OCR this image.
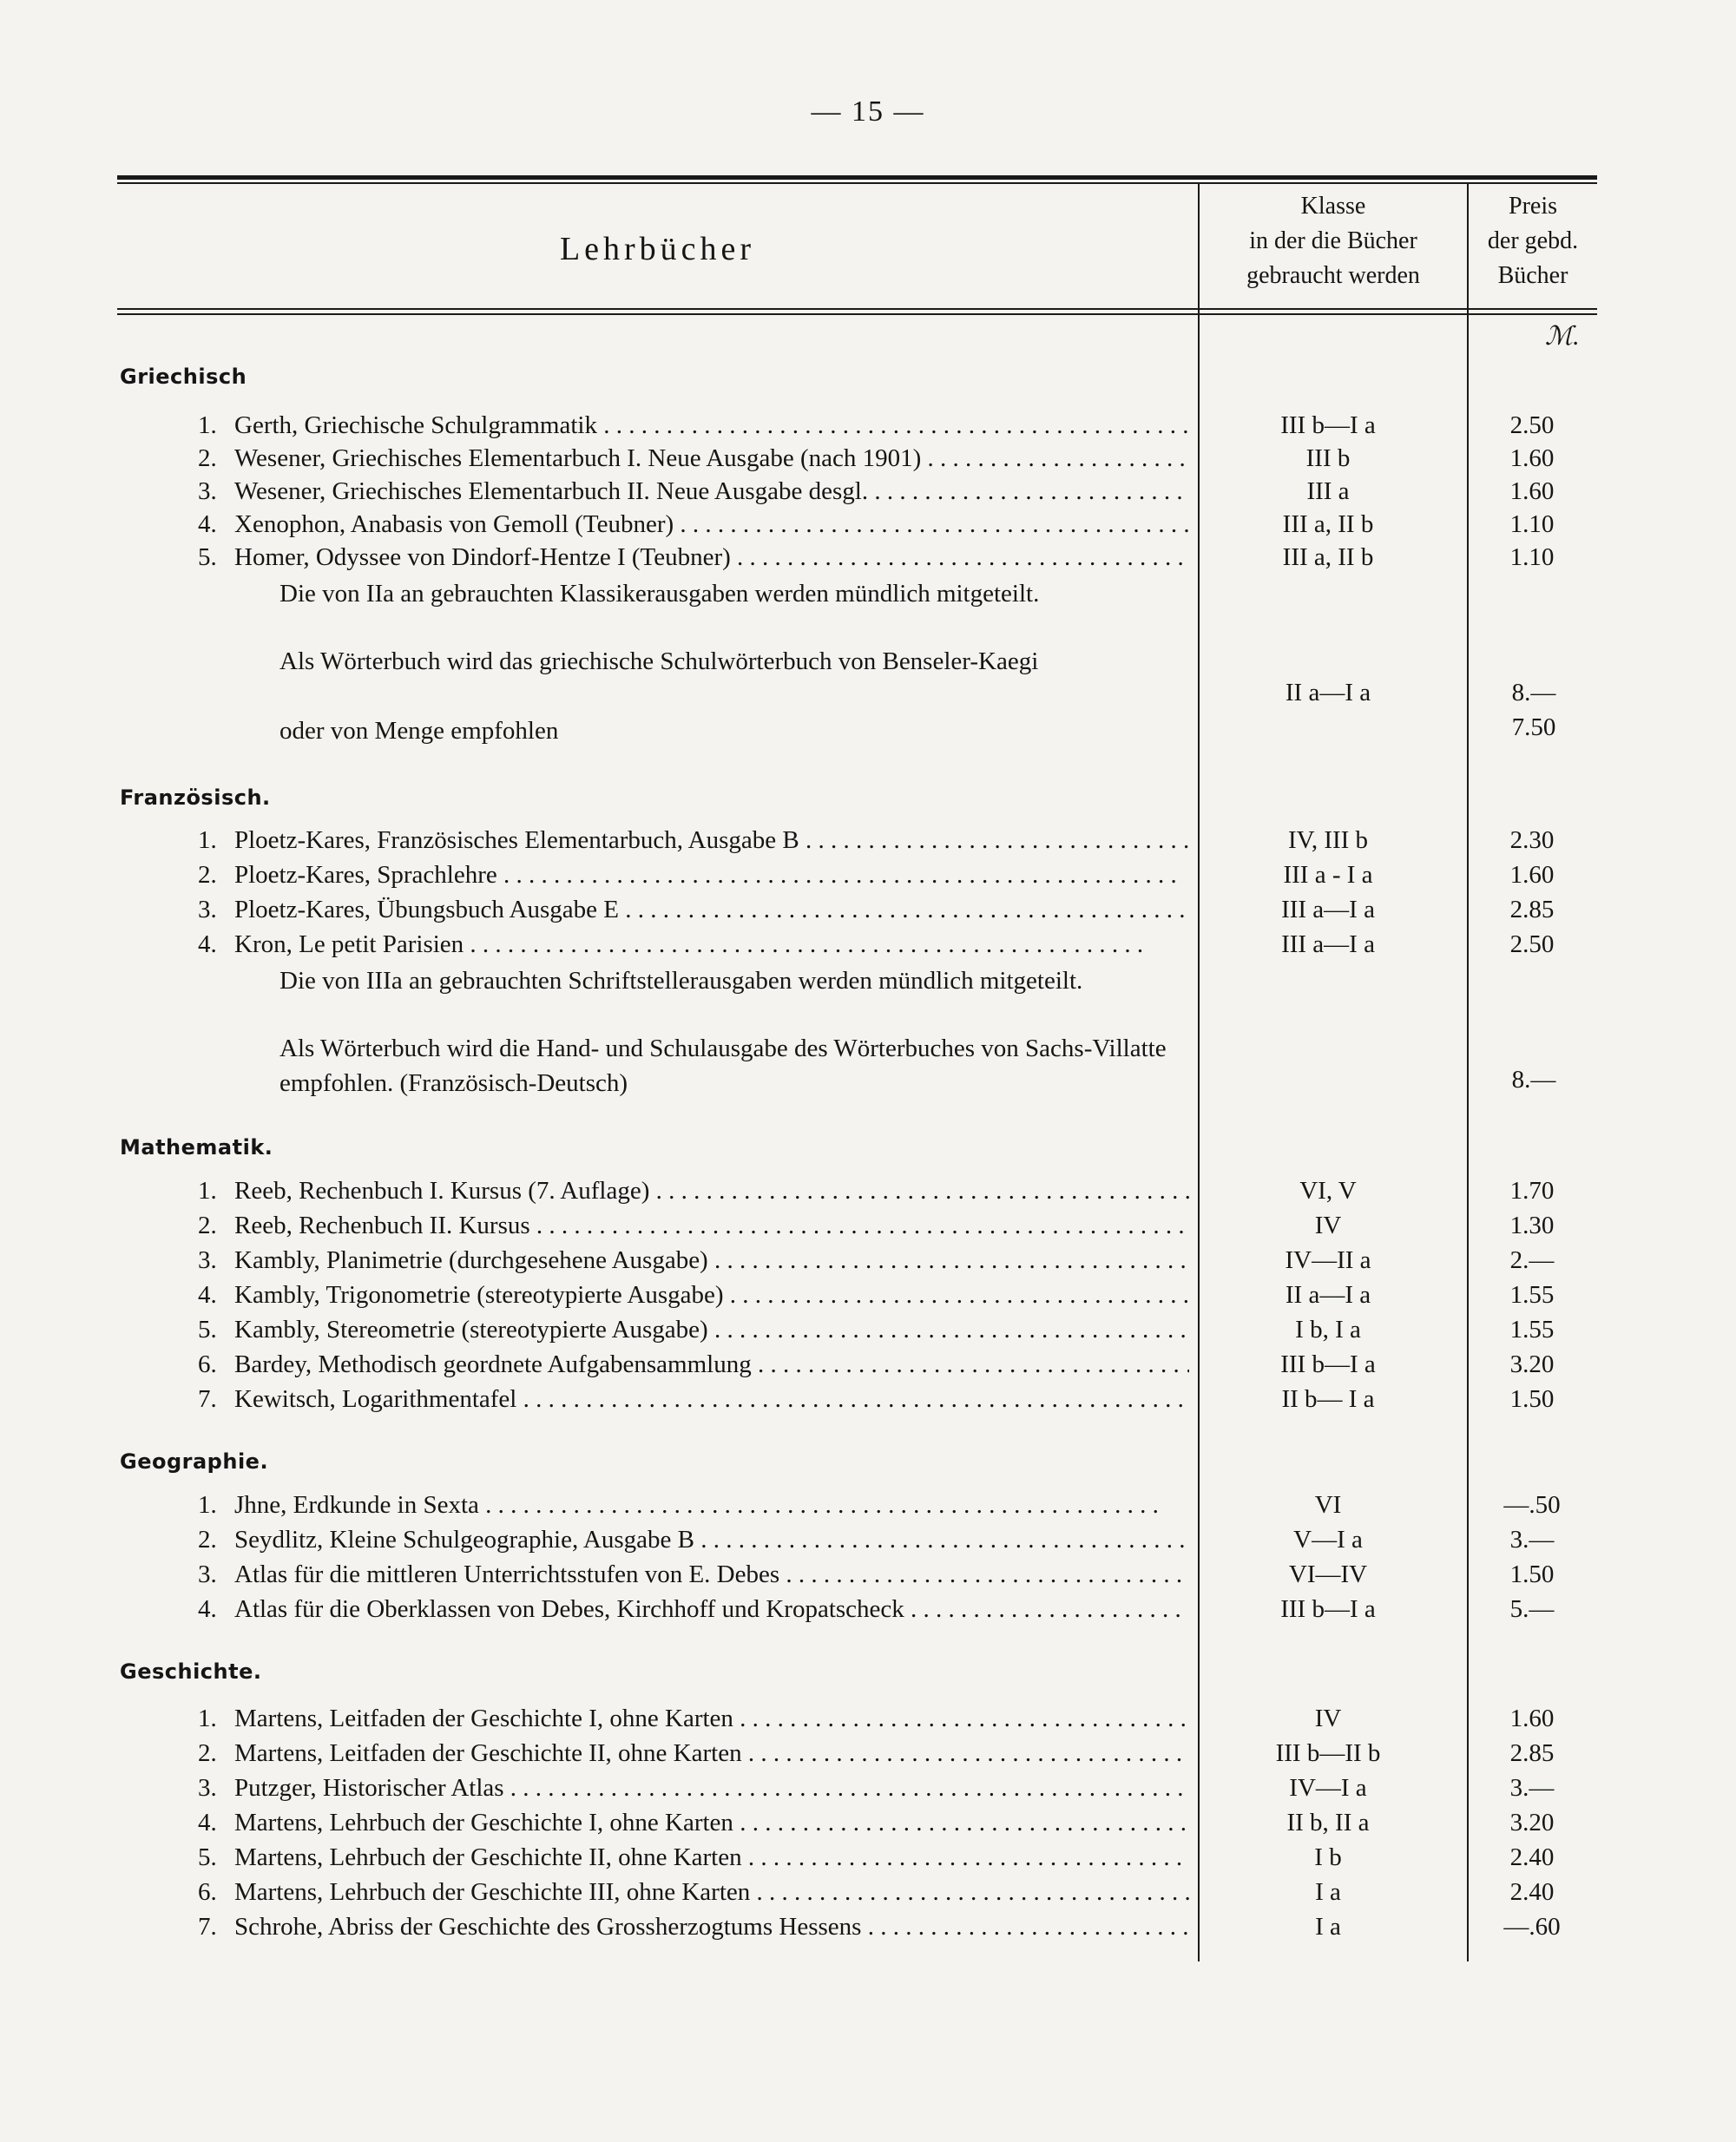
— 15 —
Lehrbücher
Klasse
in der die Bücher
gebraucht werden
Preis
der gebd.
Bücher
ℳ.
Griechisch
1. Gerth, Griechische Schulgrammatik . . .	III b—I a	2.50
2. Wesener, Griechisches Elementarbuch I. Neue Ausgabe (nach 1901) . . .	III b	1.60
3. Wesener, Griechisches Elementarbuch II. Neue Ausgabe desgl. . . .	III a	1.60
4. Xenophon, Anabasis von Gemoll (Teubner) . . .	III a, II b	1.10
5. Homer, Odyssee von Dindorf-Hentze I (Teubner) . . .	III a, II b	1.10
Die von IIa an gebrauchten Klassikerausgaben werden mündlich mitgeteilt.
Als Wörterbuch wird das griechische Schulwörterbuch von Benseler-Kaegi
II a—I a	8.—
oder von Menge empfohlen	7.50
Französisch.
1. Ploetz-Kares, Französisches Elementarbuch, Ausgabe B . . .	IV, III b	2.30
2. Ploetz-Kares, Sprachlehre . . .	III a - I a	1.60
3. Ploetz-Kares, Übungsbuch Ausgabe E . . .	III a—I a	2.85
4. Kron, Le petit Parisien . . .	III a—I a	2.50
Die von IIIa an gebrauchten Schriftstellerausgaben werden mündlich mitgeteilt.
Als Wörterbuch wird die Hand- und Schulausgabe des Wörterbuches von Sachs-Villatte empfohlen. (Französisch-Deutsch)	8.—
Mathematik.
1. Reeb, Rechenbuch I. Kursus (7. Auflage) . . .	VI, V	1.70
2. Reeb, Rechenbuch II. Kursus . . .	IV	1.30
3. Kambly, Planimetrie (durchgesehene Ausgabe) . . .	IV—II a	2.—
4. Kambly, Trigonometrie (stereotypierte Ausgabe) . . .	II a—I a	1.55
5. Kambly, Stereometrie (stereotypierte Ausgabe) . . .	I b, I a	1.55
6. Bardey, Methodisch geordnete Aufgabensammlung . . .	III b—I a	3.20
7. Kewitsch, Logarithmentafel . . .	II b— I a	1.50
Geographie.
1. Jhne, Erdkunde in Sexta . . .	VI	—.50
2. Seydlitz, Kleine Schulgeographie, Ausgabe B . . .	V—I a	3.—
3. Atlas für die mittleren Unterrichtsstufen von E. Debes . . .	VI—IV	1.50
4. Atlas für die Oberklassen von Debes, Kirchhoff und Kropatscheck . . .	III b—I a	5.—
Geschichte.
1. Martens, Leitfaden der Geschichte I, ohne Karten . . .	IV	1.60
2. Martens, Leitfaden der Geschichte II, ohne Karten . . .	III b—II b	2.85
3. Putzger, Historischer Atlas . . .	IV—I a	3.—
4. Martens, Lehrbuch der Geschichte I, ohne Karten . . .	II b, II a	3.20
5. Martens, Lehrbuch der Geschichte II, ohne Karten . . .	I b	2.40
6. Martens, Lehrbuch der Geschichte III, ohne Karten . . .	I a	2.40
7. Schrohe, Abriss der Geschichte des Grossherzogtums Hessens . . .	I a	—.60
